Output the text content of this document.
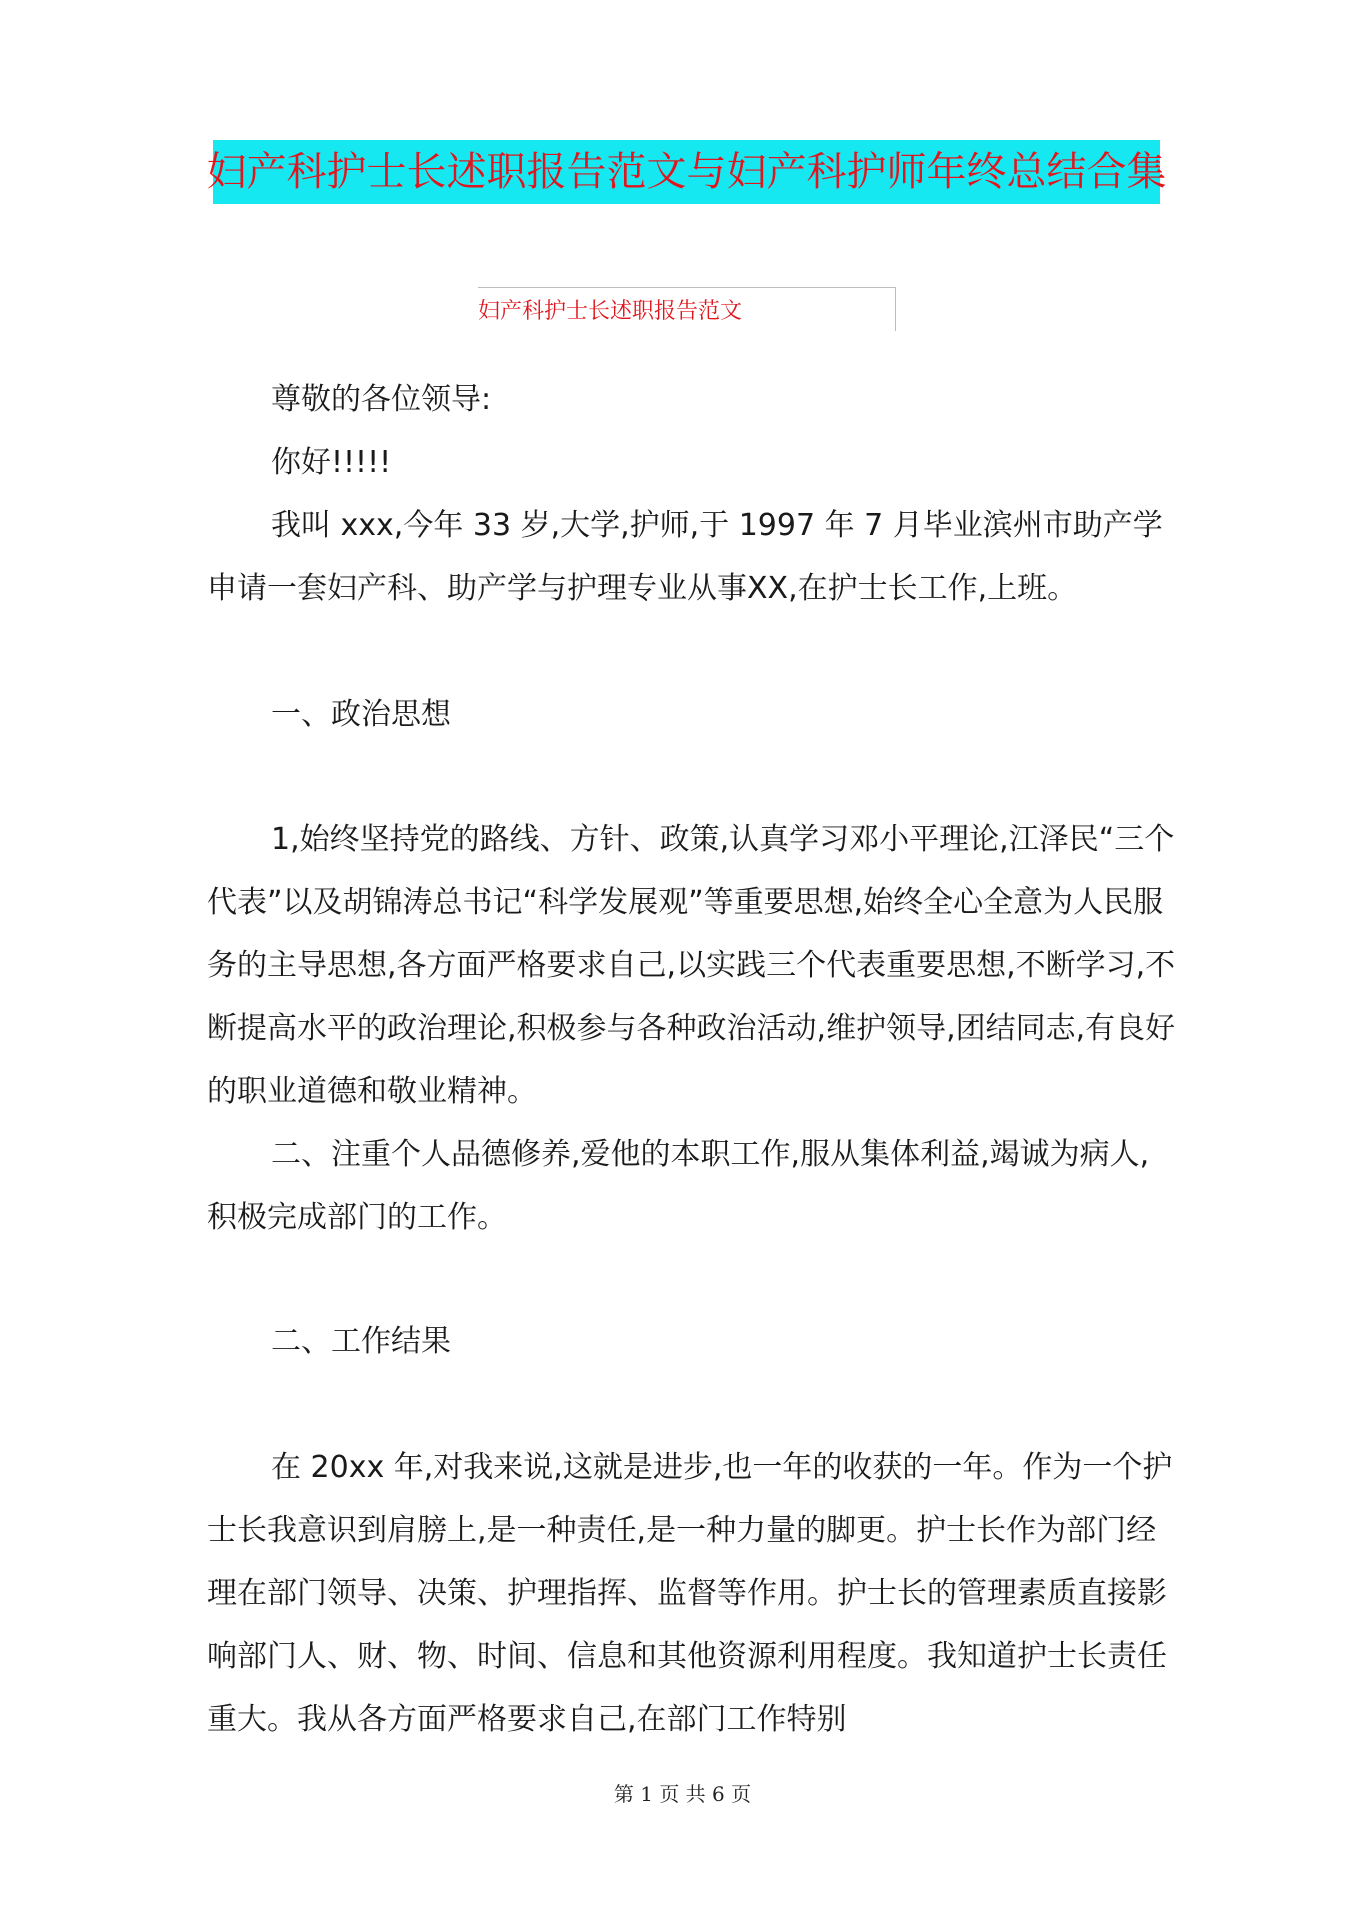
妇产科护士长述职报告范文与妇产科护师年终总结合集
妇产科护士长述职报告范文

尊敬的各位领导:

你好!!!!!

我叫 xxx,今年 33 岁,大学,护师,于 1997 年 7 月毕业滨州市助产学申请一套妇产科、助产学与护理专业从事XX,在护士长工作,上班。

一、政治思想

1,始终坚持党的路线、方针、政策,认真学习邓小平理论,江泽民“三个代表”以及胡锦涛总书记“科学发展观”等重要思想,始终全心全意为人民服务的主导思想,各方面严格要求自己,以实践三个代表重要思想,不断学习,不断提高水平的政治理论,积极参与各种政治活动,维护领导,团结同志,有良好的职业道德和敬业精神。

二、注重个人品德修养,爱他的本职工作,服从集体利益,竭诚为病人,积极完成部门的工作。

二、工作结果

在 20xx 年,对我来说,这就是进步,也一年的收获的一年。作为一个护士长我意识到肩膀上,是一种责任,是一种力量的脚更。护士长作为部门经理在部门领导、决策、护理指挥、监督等作用。护士长的管理素质直接影响部门人、财、物、时间、信息和其他资源利用程度。我知道护士长责任重大。我从各方面严格要求自己,在部门工作特别

第 1 页 共 6 页
